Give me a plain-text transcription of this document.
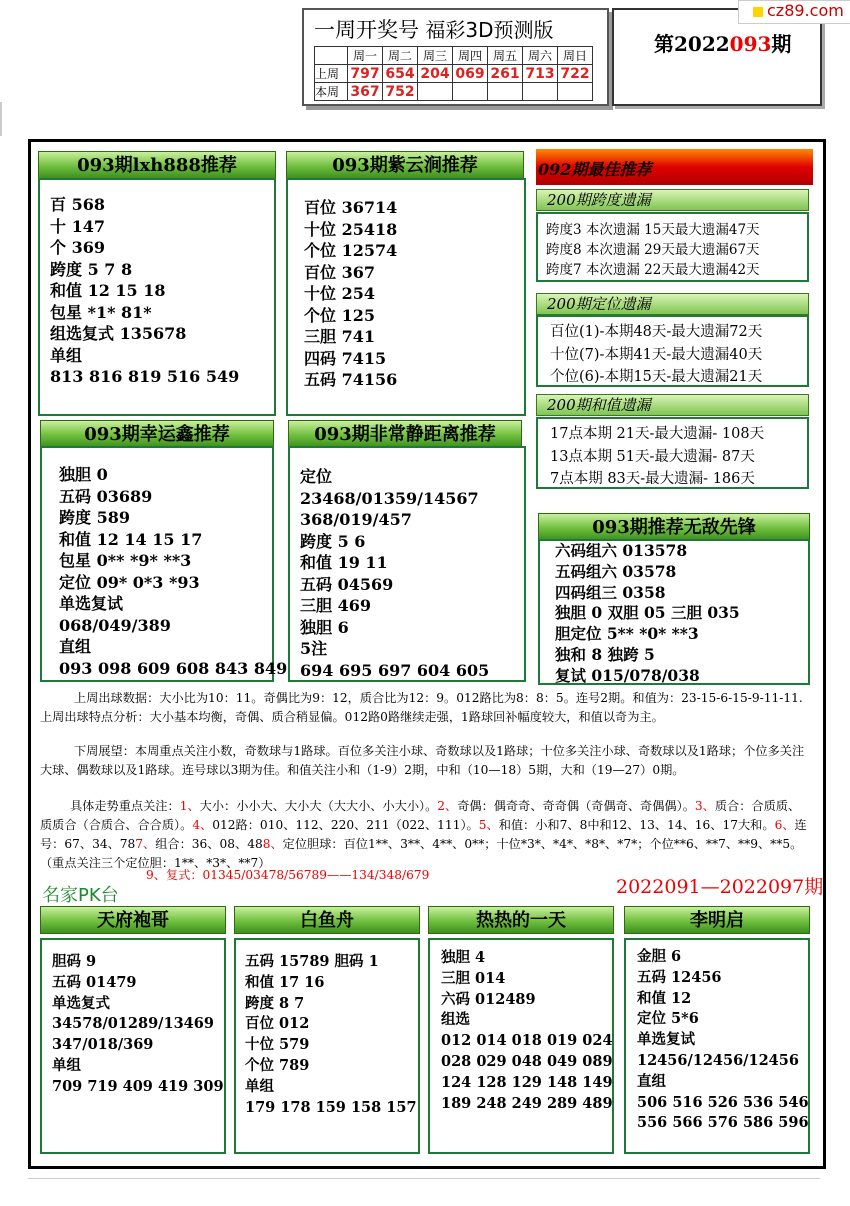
一周开奖号 福彩3D预测版
	周一	周二	周三	周四	周五	周六	周日
上周	797	654	204	069	261	713	722
本周	367	752					
第2022093期
cz89.com
093期lxh888推荐
百 568
十 147
个 369
跨度 5 7 8
和值 12 15 18
包星 *1* 81*
组选复式 135678
单组
813 816 819 516 549
093期紫云涧推荐
百位 36714
十位 25418
个位 12574
百位 367
十位 254
个位 125
三胆 741
四码 7415
五码 74156
093期幸运鑫推荐
独胆 0
五码 03689
跨度 589
和值 12 14 15 17
包星 0** *9* **3
定位 09* 0*3 *93
单选复试
068/049/389
直组
093 098 609 608 843 849
093期非常静距离推荐
定位
23468/01359/14567
368/019/457
跨度 5 6
和值 19 11
五码 04569
三胆 469
独胆 6
5注
694 695 697 604 605
092期最佳推荐
200期跨度遗漏
跨度3 本次遗漏 15天最大遗漏47天
跨度8 本次遗漏 29天最大遗漏67天
跨度7 本次遗漏 22天最大遗漏42天
200期定位遗漏
百位(1)-本期48天-最大遗漏72天
十位(7)-本期41天-最大遗漏40天
个位(6)-本期15天-最大遗漏21天
200期和值遗漏
17点本期 21天-最大遗漏- 108天
13点本期 51天-最大遗漏- 87天
7点本期 83天-最大遗漏- 186天
093期推荐无敌先锋
六码组六 013578
五码组六 03578
四码组三 0358
独胆 0 双胆 05 三胆 035
胆定位 5** *0* **3
独和 8 独跨 5
复试 015/078/038
上周出球数据：大小比为10：11。奇偶比为9：12，质合比为12：9。012路比为8：8：5。连号2期。和值为：23-15-6-15-9-11-11.上周出球特点分析：大小基本均衡，奇偶、质合稍显偏。012路0路继续走强，1路球回补幅度较大，和值以奇为主。
下周展望：本周重点关注小数，奇数球与1路球。百位多关注小球、奇数球以及1路球；十位多关注小球、奇数球以及1路球；个位多关注大球、偶数球以及1路球。连号球以3期为佳。和值关注小和（1-9）2期，中和（10—18）5期，大和（19—27）0期。
具体走势重点关注：1、大小：小小大、大小大（大大小、小大小）。2、奇偶：偶奇奇、奇奇偶（奇偶奇、奇偶偶）。3、质合：合质质、质质合（合质合、合合质）。4、012路：010、112、220、211（022、111）。5、和值：小和7、8中和12、13、14、16、17大和。6、连号：67、34、787、组合：36、08、488、定位胆球：百位1**、3**、4**、0**；十位*3*、*4*、*8*、*7*；个位**6、**7、**9、**5。（重点关注三个定位胆：1**、*3*、**7）
9、复式：01345/03478/56789——134/348/679
名家PK台	2022091—2022097期
天府袍哥
胆码 9
五码 01479
单选复式
34578/01289/13469
347/018/369
单组
709 719 409 419 309
白鱼舟
五码 15789 胆码 1
和值 17 16
跨度 8 7
百位 012
十位 579
个位 789
单组
179 178 159 158 157
热热的一天
独胆 4
三胆 014
六码 012489
组选
012 014 018 019 024
028 029 048 049 089
124 128 129 148 149
189 248 249 289 489
李明启
金胆 6
五码 12456
和值 12
定位 5*6
单选复试
12456/12456/12456
直组
506 516 526 536 546
556 566 576 586 596
